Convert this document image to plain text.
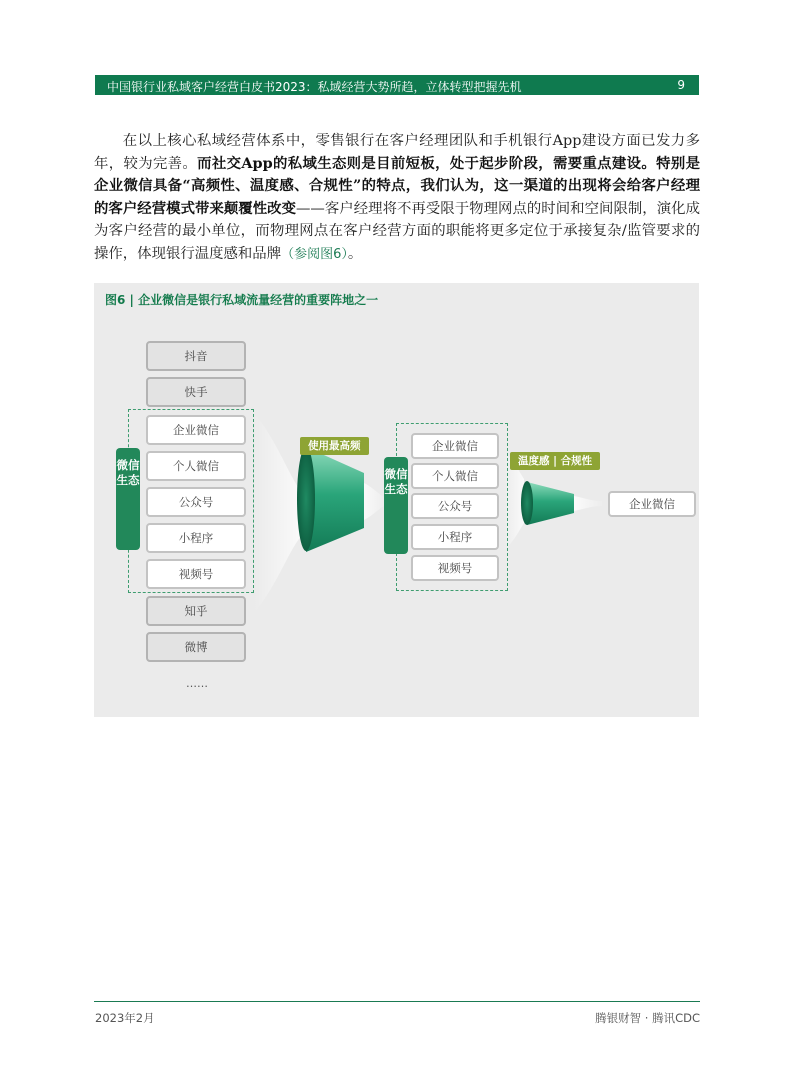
中国银行业私域客户经营白皮书2023：私域经营大势所趋，立体转型把握先机	9

在以上核心私域经营体系中，零售银行在客户经理团队和手机银行App建设方面已发力多年，较为完善。而社交App的私域生态则是目前短板，处于起步阶段，需要重点建设。特别是企业微信具备“高频性、温度感、合规性”的特点，我们认为，这一渠道的出现将会给客户经理的客户经营模式带来颠覆性改变——客户经理将不再受限于物理网点的时间和空间限制，演化成为客户经营的最小单位，而物理网点在客户经营方面的职能将更多定位于承接复杂/监管要求的操作，体现银行温度感和品牌（参阅图6）。

图6 | 企业微信是银行私域流量经营的重要阵地之一
抖音
快手
微信生态
企业微信
个人微信
公众号
小程序
视频号
知乎
微博
……
使用最高频
微信生态
企业微信
个人微信
公众号
小程序
视频号
温度感 | 合规性
企业微信
2023年2月	腾银财智 · 腾讯CDC
